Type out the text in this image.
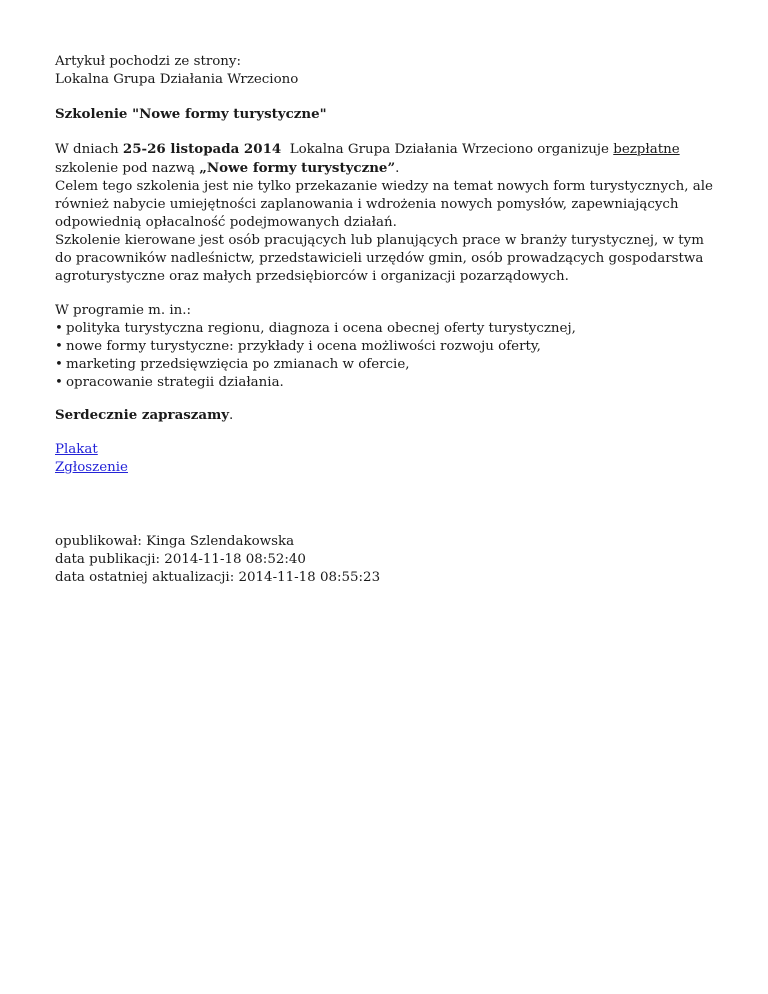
Artykuł pochodzi ze strony:
Lokalna Grupa Działania Wrzeciono
Szkolenie "Nowe formy turystyczne"
W dniach 25-26 listopada 2014  Lokalna Grupa Działania Wrzeciono organizuje bezpłatne
szkolenie pod nazwą „Nowe formy turystyczne”.
Celem tego szkolenia jest nie tylko przekazanie wiedzy na temat nowych form turystycznych, ale również nabycie umiejętności zaplanowania i wdrożenia nowych pomysłów, zapewniających odpowiednią opłacalność podejmowanych działań.
Szkolenie kierowane jest osób pracujących lub planujących prace w branży turystycznej, w tym do pracowników nadleśnictw, przedstawicieli urzędów gmin, osób prowadzących gospodarstwa agroturystyczne oraz małych przedsiębiorców i organizacji pozarządowych.
W programie m. in.:
• polityka turystyczna regionu, diagnoza i ocena obecnej oferty turystycznej,
• nowe formy turystyczne: przykłady i ocena możliwości rozwoju oferty,
• marketing przedsięwzięcia po zmianach w ofercie,
• opracowanie strategii działania.
Serdecznie zapraszamy.
Plakat
Zgłoszenie
opublikował: Kinga Szlendakowska
data publikacji: 2014-11-18 08:52:40
data ostatniej aktualizacji: 2014-11-18 08:55:23
